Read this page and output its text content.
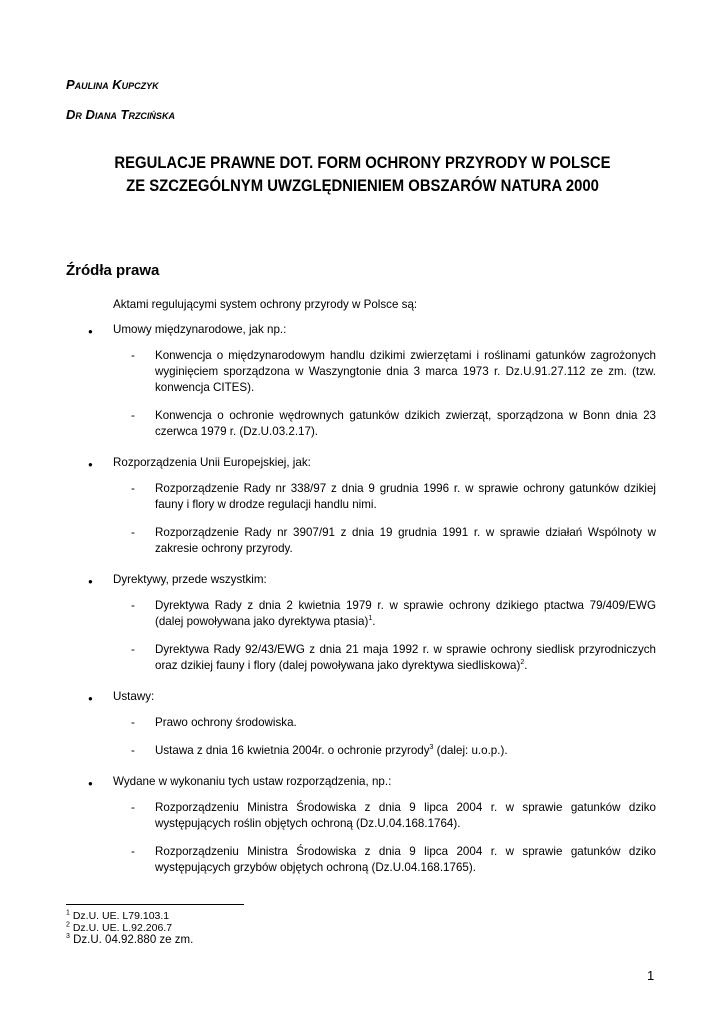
Paulina Kupczyk
Dr Diana Trzcińska
REGULACJE PRAWNE DOT. FORM OCHRONY PRZYRODY W POLSCE
ZE SZCZEGÓLNYM UWZGLĘDNIENIEM OBSZARÓW NATURA 2000
Źródła prawa
Aktami regulującymi system ochrony przyrody w Polsce są:
● Umowy międzynarodowe, jak np.:
- Konwencja o międzynarodowym handlu dzikimi zwierzętami i roślinami gatunków zagrożonych wyginięciem sporządzona w Waszyngtonie dnia 3 marca 1973 r. Dz.U.91.27.112 ze zm. (tzw. konwencja CITES).
- Konwencja o ochronie wędrownych gatunków dzikich zwierząt, sporządzona w Bonn dnia 23 czerwca 1979 r. (Dz.U.03.2.17).
● Rozporządzenia Unii Europejskiej, jak:
- Rozporządzenie Rady nr 338/97 z dnia 9 grudnia 1996 r. w sprawie ochrony gatunków dzikiej fauny i flory w drodze regulacji handlu nimi.
- Rozporządzenie Rady nr 3907/91 z dnia 19 grudnia 1991 r. w sprawie działań Wspólnoty w zakresie ochrony przyrody.
● Dyrektywy, przede wszystkim:
- Dyrektywa Rady z dnia 2 kwietnia 1979 r. w sprawie ochrony dzikiego ptactwa 79/409/EWG (dalej powoływana jako dyrektywa ptasia)$^1$.
- Dyrektywa Rady 92/43/EWG z dnia 21 maja 1992 r. w sprawie ochrony siedlisk przyrodniczych oraz dzikiej fauny i flory (dalej powoływana jako dyrektywa siedliskowa)$^2$.
● Ustawy:
- Prawo ochrony środowiska.
- Ustawa z dnia 16 kwietnia 2004r. o ochronie przyrody$^3$ (dalej: u.o.p.).
● Wydane w wykonaniu tych ustaw rozporządzenia, np.:
- Rozporządzeniu Ministra Środowiska z dnia 9 lipca 2004 r. w sprawie gatunków dziko występujących roślin objętych ochroną (Dz.U.04.168.1764).
- Rozporządzeniu Ministra Środowiska z dnia 9 lipca 2004 r. w sprawie gatunków dziko występujących grzybów objętych ochroną (Dz.U.04.168.1765).
$^1$ Dz.U. UE. L79.103.1
$^2$ Dz.U. UE. L.92.206.7
$^3$ Dz.U. 04.92.880 ze zm.
1
